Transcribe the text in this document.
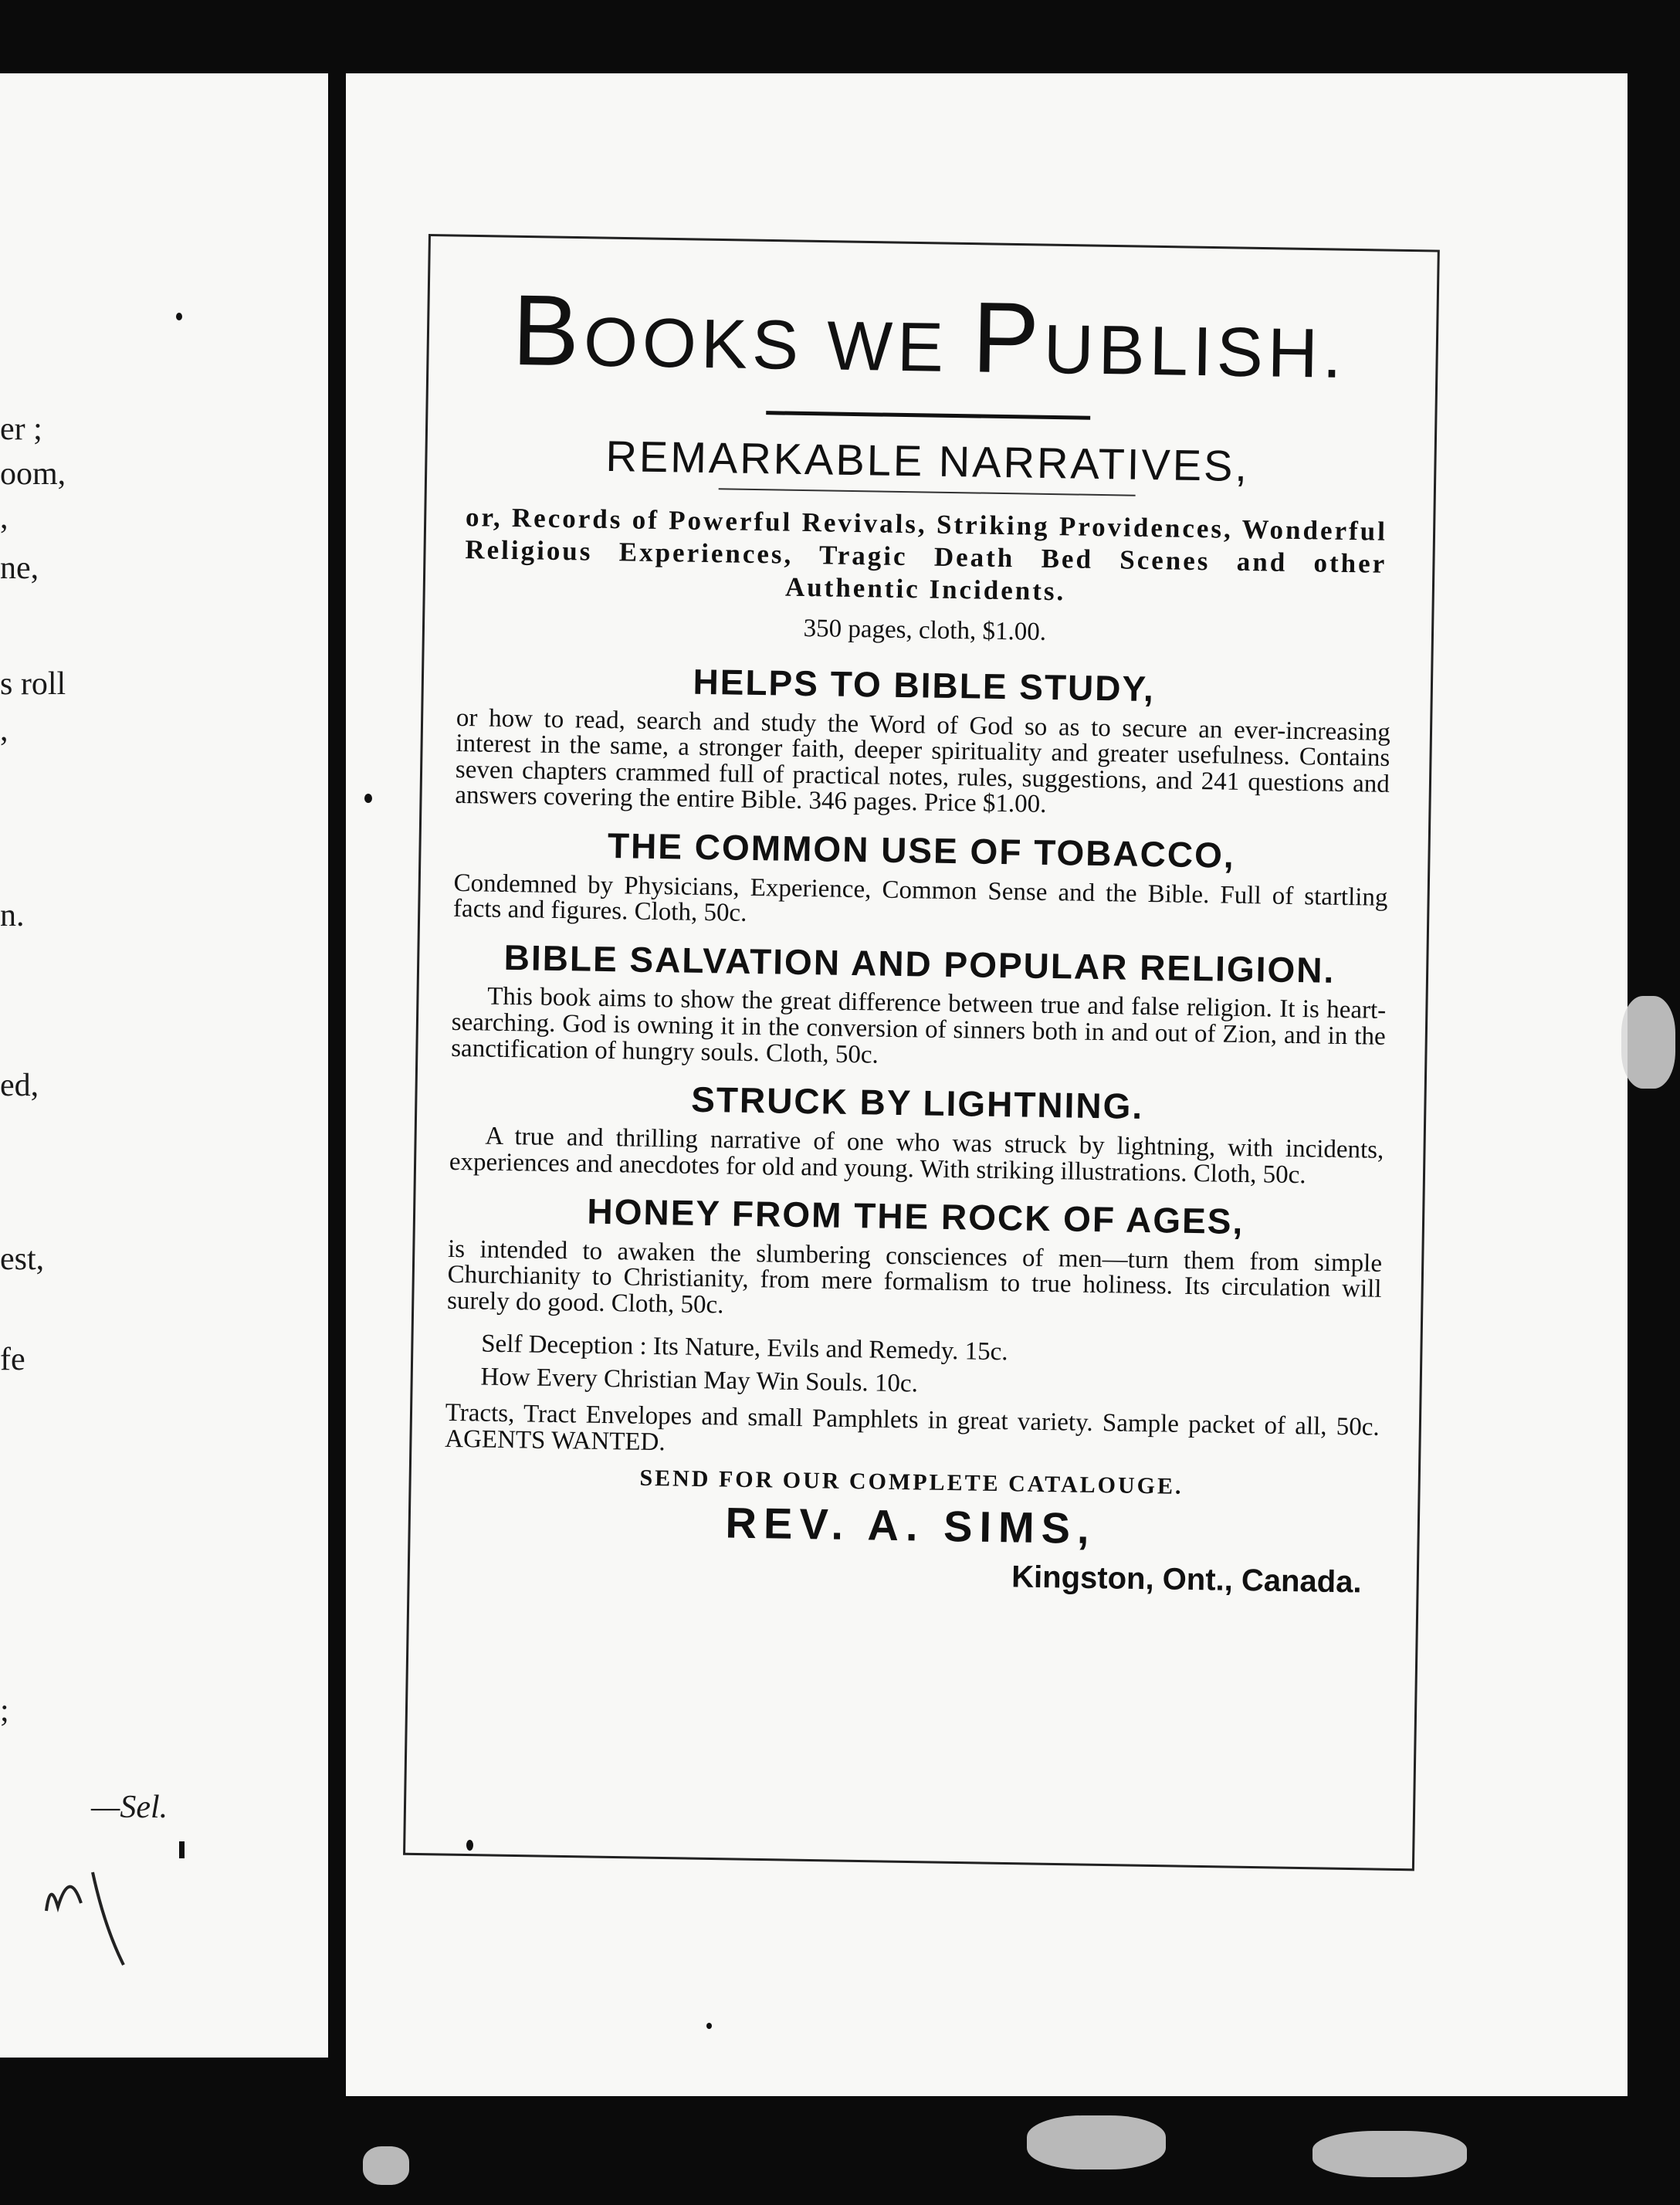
er ;
oom,
,
ne,
s roll
,
n.
ed,
est,
fe
;
—Sel.
BOOKS WE PUBLISH.
REMARKABLE NARRATIVES,

or, Records of Powerful Revivals, Striking Providences, Wonderful Religious Experiences, Tragic Death Bed Scenes and other Authentic Incidents.

350 pages, cloth, $1.00.

HELPS TO BIBLE STUDY,

or how to read, search and study the Word of God so as to secure an ever-increasing interest in the same, a stronger faith, deeper spirituality and greater usefulness. Contains seven chapters crammed full of practical notes, rules, suggestions, and 241 questions and answers covering the entire Bible. 346 pages. Price $1.00.

THE COMMON USE OF TOBACCO,

Condemned by Physicians, Experience, Common Sense and the Bible. Full of startling facts and figures. Cloth, 50c.

BIBLE SALVATION AND POPULAR RELIGION.

This book aims to show the great difference between true and false religion. It is heart-searching. God is owning it in the conversion of sinners both in and out of Zion, and in the sanctification of hungry souls. Cloth, 50c.

STRUCK BY LIGHTNING.

A true and thrilling narrative of one who was struck by lightning, with incidents, experiences and anecdotes for old and young. With striking illustrations. Cloth, 50c.

HONEY FROM THE ROCK OF AGES,

is intended to awaken the slumbering consciences of men—turn them from simple Churchianity to Christianity, from mere formalism to true holiness. Its circulation will surely do good. Cloth, 50c.

Self Deception : Its Nature, Evils and Remedy. 15c.

How Every Christian May Win Souls. 10c.

Tracts, Tract Envelopes and small Pamphlets in great variety. Sample packet of all, 50c. AGENTS WANTED.

SEND FOR OUR COMPLETE CATALOUGE.

REV. A. SIMS,

Kingston, Ont., Canada.
